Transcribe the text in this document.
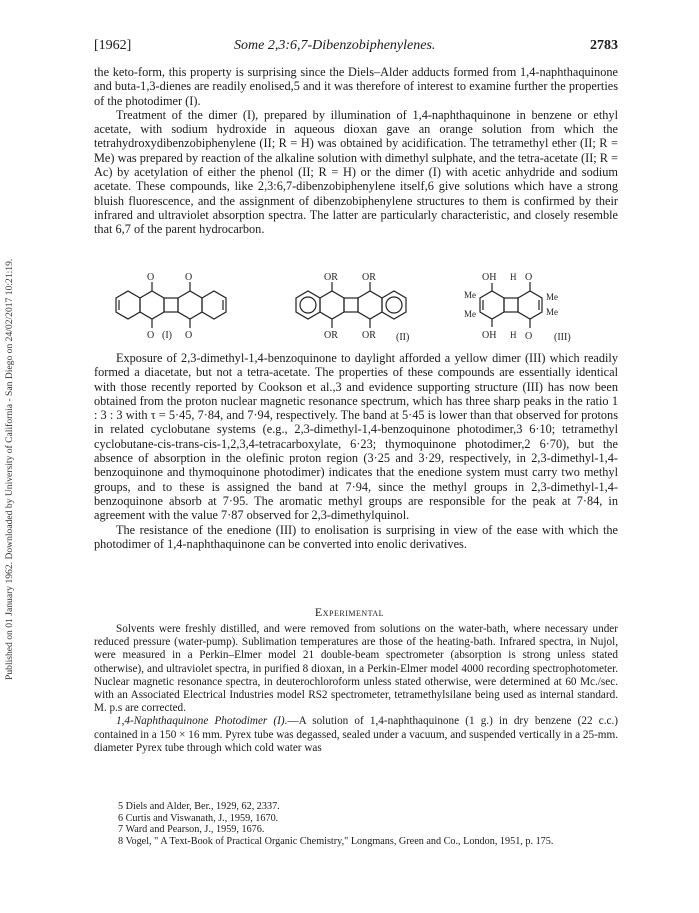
Published on 01 January 1962. Downloaded by University of California - San Diego on 24/02/2017 10:21:19.
[1962]	Some 2,3:6,7-Dibenzobiphenylenes.	2783

the keto-form, this property is surprising since the Diels–Alder adducts formed from 1,4-naphthaquinone and buta-1,3-dienes are readily enolised,5 and it was therefore of interest to examine further the properties of the photodimer (I).

Treatment of the dimer (I), prepared by illumination of 1,4-naphthaquinone in benzene or ethyl acetate, with sodium hydroxide in aqueous dioxan gave an orange solution from which the tetrahydroxydibenzobiphenylene (II; R = H) was obtained by acidification. The tetramethyl ether (II; R = Me) was prepared by reaction of the alkaline solution with dimethyl sulphate, and the tetra-acetate (II; R = Ac) by acetylation of either the phenol (II; R = H) or the dimer (I) with acetic anhydride and sodium acetate. These compounds, like 2,3:6,7-dibenzobiphenylene itself,6 give solutions which have a strong bluish fluorescence, and the assignment of dibenzobiphenylene structures to them is confirmed by their infrared and ultraviolet absorption spectra. The latter are particularly characteristic, and closely resemble that 6,7 of the parent hydrocarbon.

O	O
O	O
(I)
OR OR
OR OR (II)
Me
Me
Me
Me
OH
OH
H
H
O
O (III)

Exposure of 2,3-dimethyl-1,4-benzoquinone to daylight afforded a yellow dimer (III) which readily formed a diacetate, but not a tetra-acetate. The properties of these compounds are essentially identical with those recently reported by Cookson et al.,3 and evidence supporting structure (III) has now been obtained from the proton nuclear magnetic resonance spectrum, which has three sharp peaks in the ratio 1 : 3 : 3 with τ = 5·45, 7·84, and 7·94, respectively. The band at 5·45 is lower than that observed for protons in related cyclobutane systems (e.g., 2,3-dimethyl-1,4-benzoquinone photodimer,3 6·10; tetramethyl cyclobutane-cis-trans-cis-1,2,3,4-tetracarboxylate, 6·23; thymoquinone photodimer,2 6·70), but the absence of absorption in the olefinic proton region (3·25 and 3·29, respectively, in 2,3-dimethyl-1,4-benzoquinone and thymoquinone photodimer) indicates that the enedione system must carry two methyl groups, and to these is assigned the band at 7·94, since the methyl groups in 2,3-dimethyl-1,4-benzoquinone absorb at 7·95. The aromatic methyl groups are responsible for the peak at 7·84, in agreement with the value 7·87 observed for 2,3-dimethylquinol.

The resistance of the enedione (III) to enolisation is surprising in view of the ease with which the photodimer of 1,4-naphthaquinone can be converted into enolic derivatives.

Experimental

Solvents were freshly distilled, and were removed from solutions on the water-bath, where necessary under reduced pressure (water-pump). Sublimation temperatures are those of the heating-bath. Infrared spectra, in Nujol, were measured in a Perkin–Elmer model 21 double-beam spectrometer (absorption is strong unless stated otherwise), and ultraviolet spectra, in purified 8 dioxan, in a Perkin-Elmer model 4000 recording spectrophotometer. Nuclear magnetic resonance spectra, in deuterochloroform unless stated otherwise, were determined at 60 Mc./sec. with an Associated Electrical Industries model RS2 spectrometer, tetramethylsilane being used as internal standard. M. p.s are corrected.

1,4-Naphthaquinone Photodimer (I).—A solution of 1,4-naphthaquinone (1 g.) in dry benzene (22 c.c.) contained in a 150 × 16 mm. Pyrex tube was degassed, sealed under a vacuum, and suspended vertically in a 25-mm. diameter Pyrex tube through which cold water was

5 Diels and Alder, Ber., 1929, 62, 2337.
6 Curtis and Viswanath, J., 1959, 1670.
7 Ward and Pearson, J., 1959, 1676.
8 Vogel, " A Text-Book of Practical Organic Chemistry," Longmans, Green and Co., London, 1951, p. 175.
